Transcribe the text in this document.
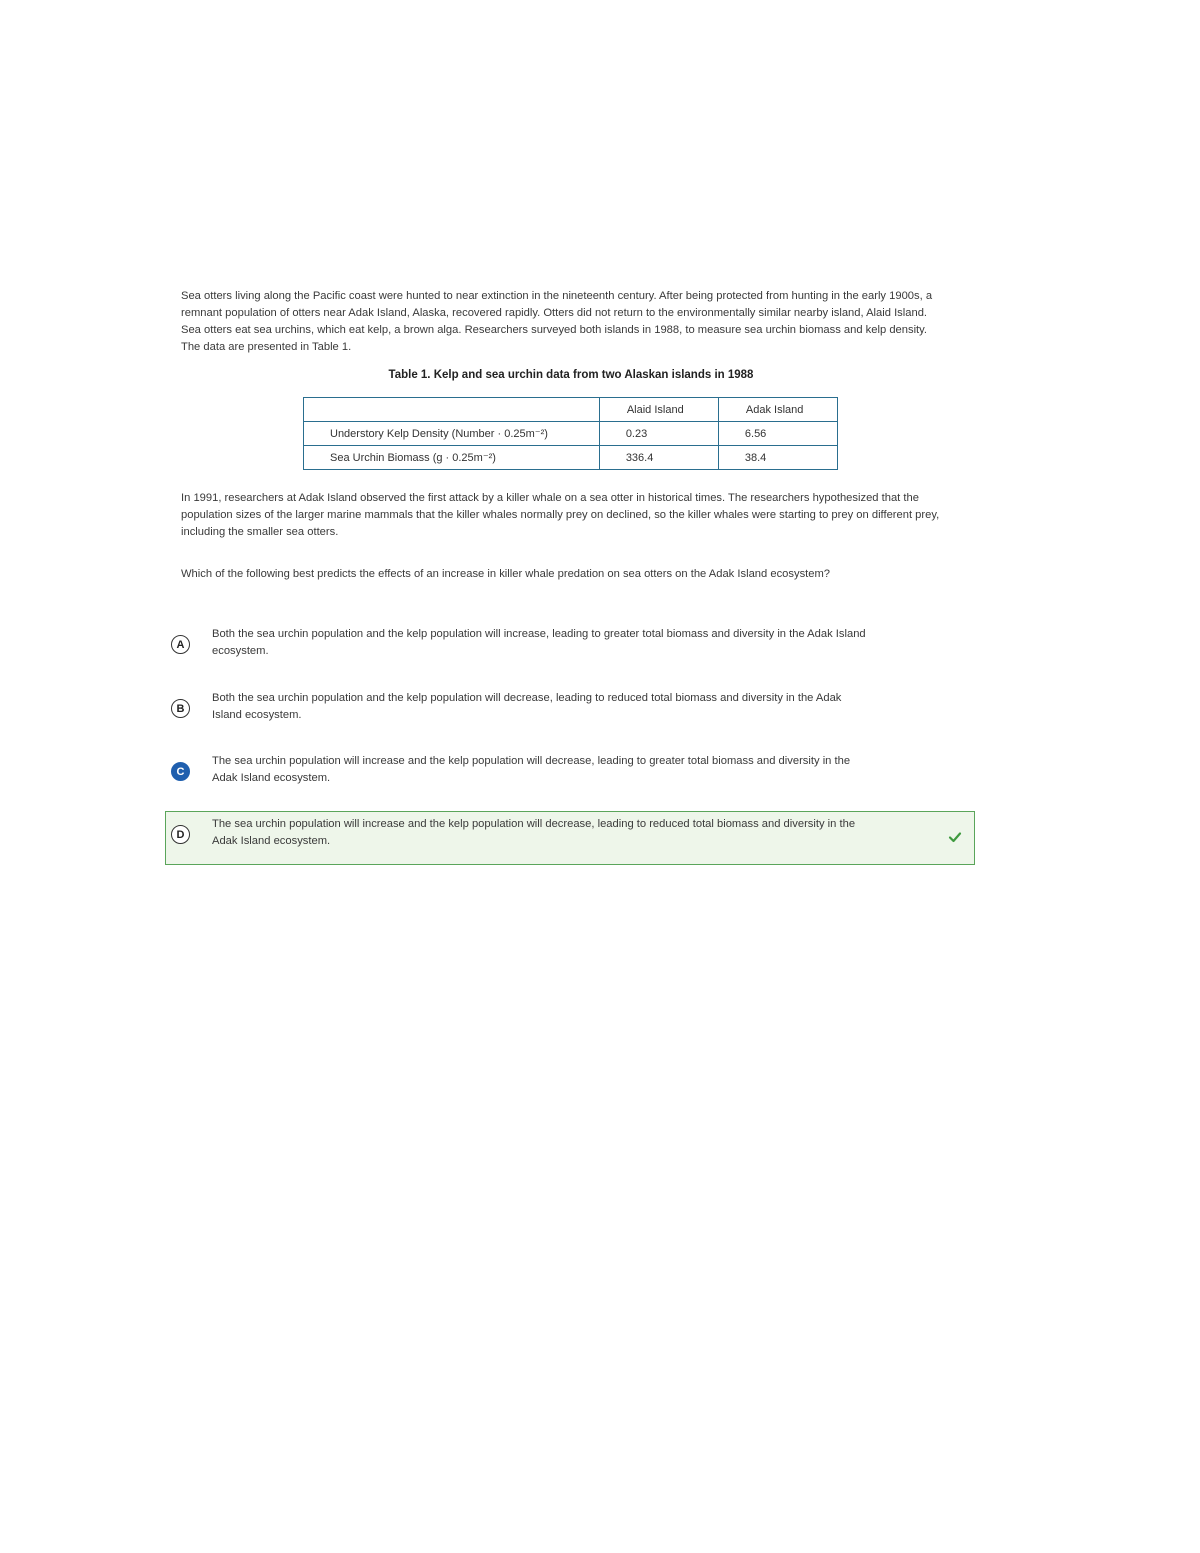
Sea otters living along the Pacific coast were hunted to near extinction in the nineteenth century. After being protected from hunting in the early 1900s, a remnant population of otters near Adak Island, Alaska, recovered rapidly. Otters did not return to the environmentally similar nearby island, Alaid Island. Sea otters eat sea urchins, which eat kelp, a brown alga. Researchers surveyed both islands in 1988, to measure sea urchin biomass and kelp density. The data are presented in Table 1.

Table 1. Kelp and sea urchin data from two Alaskan islands in 1988

	Alaid Island	Adak Island
Understory Kelp Density (Number · 0.25m⁻²)	0.23	6.56
Sea Urchin Biomass (g · 0.25m⁻²)	336.4	38.4

In 1991, researchers at Adak Island observed the first attack by a killer whale on a sea otter in historical times. The researchers hypothesized that the population sizes of the larger marine mammals that the killer whales normally prey on declined, so the killer whales were starting to prey on different prey, including the smaller sea otters.

Which of the following best predicts the effects of an increase in killer whale predation on sea otters on the Adak Island ecosystem?

A

Both the sea urchin population and the kelp population will increase, leading to greater total biomass and diversity in the Adak Island ecosystem.

B

Both the sea urchin population and the kelp population will decrease, leading to reduced total biomass and diversity in the Adak Island ecosystem.

C

The sea urchin population will increase and the kelp population will decrease, leading to greater total biomass and diversity in the Adak Island ecosystem.

D

The sea urchin population will increase and the kelp population will decrease, leading to reduced total biomass and diversity in the Adak Island ecosystem.
